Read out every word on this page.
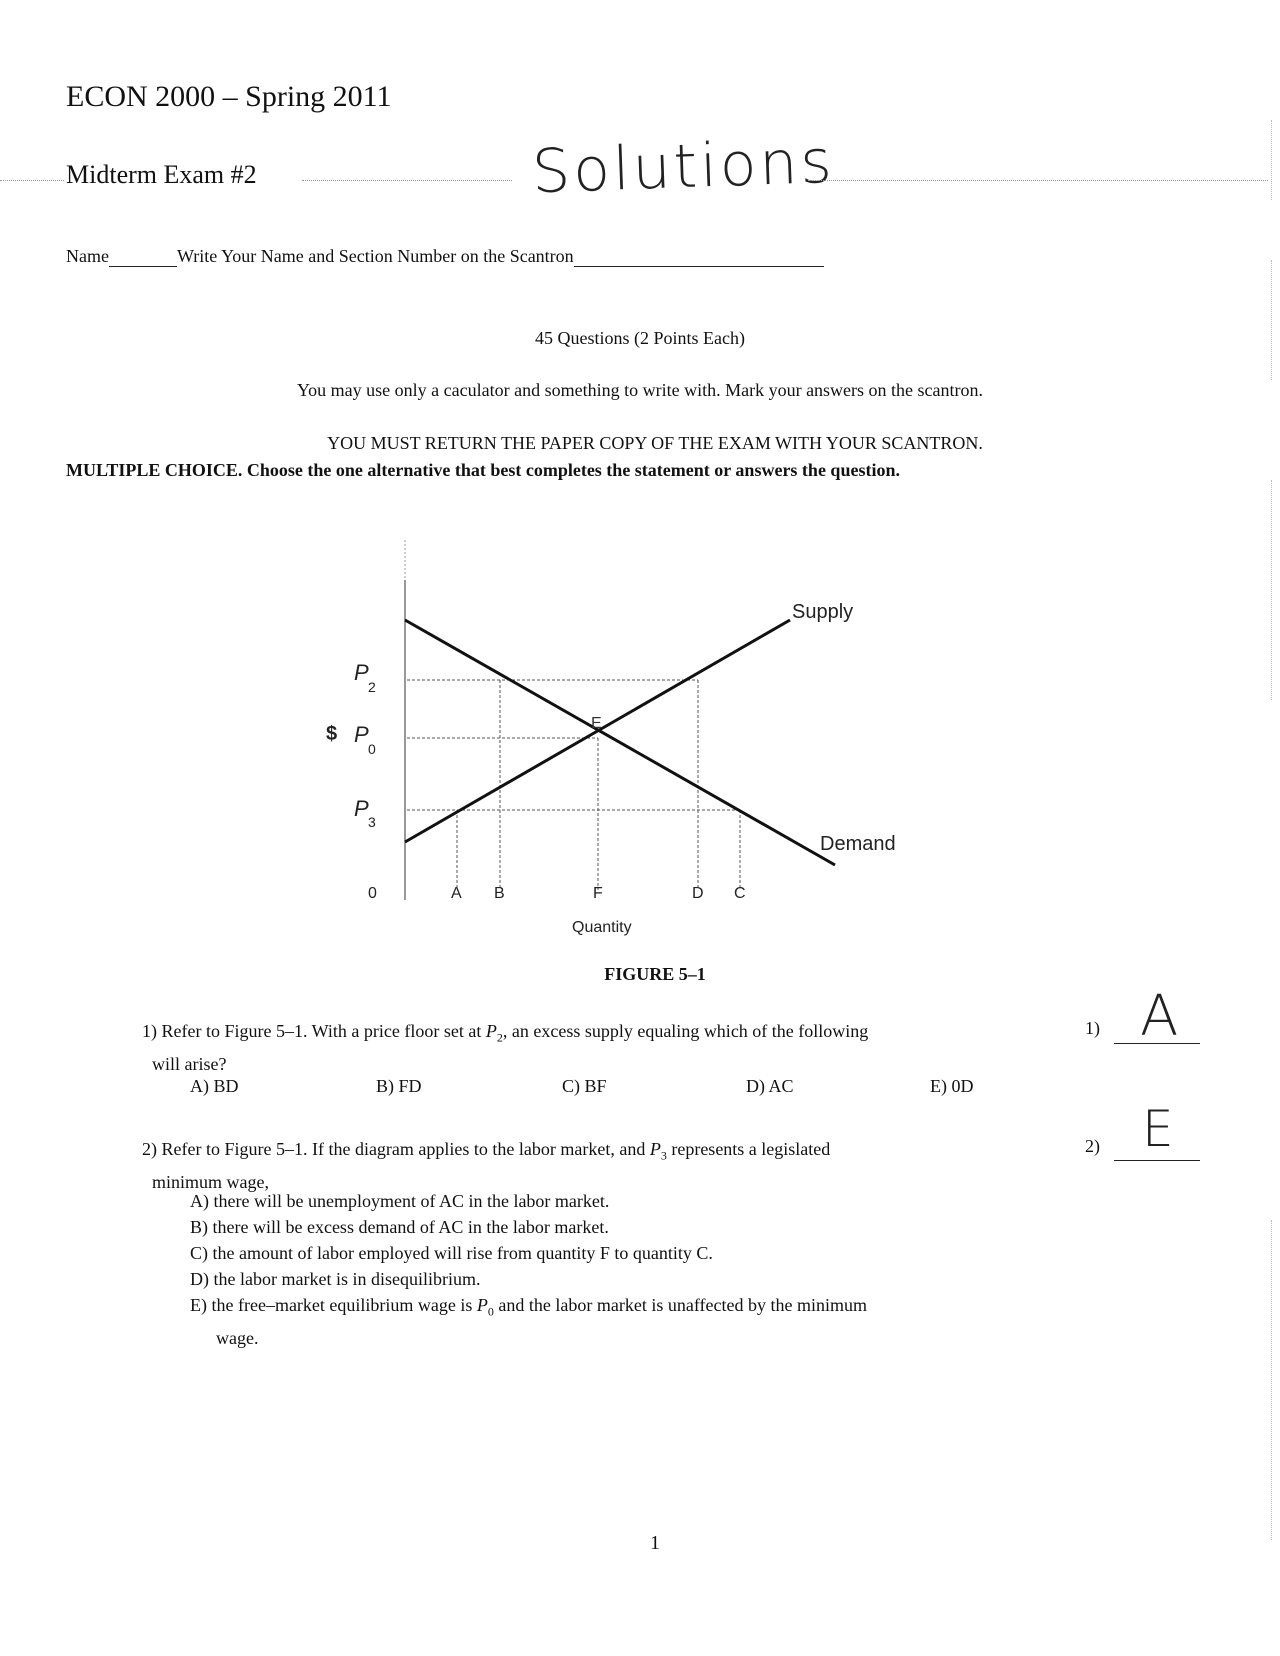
ECON 2000 – Spring 2011
Midterm Exam #2	Solutions
Name	Write Your Name and Section Number on the Scantron
45 Questions (2 Points Each)
You may use only a caculator and something to write with. Mark your answers on the scantron.
YOU MUST RETURN THE PAPER COPY OF THE EXAM WITH YOUR SCANTRON.
MULTIPLE CHOICE. Choose the one alternative that best completes the statement or answers the question.
Supply
Demand
E
$
P
2
P
0
P
3
0	A B	F	D C
Quantity
FIGURE 5–1
1) Refer to Figure 5–1. With a price floor set at $P_2$, an excess supply equaling which of the following
will arise?
A) BD	B) FD	C) BF	D) AC	E) 0D
1) A
2) Refer to Figure 5–1. If the diagram applies to the labor market, and $P_3$ represents a legislated
minimum wage,
A) there will be unemployment of AC in the labor market.
B) there will be excess demand of AC in the labor market.
C) the amount of labor employed will rise from quantity F to quantity C.
D) the labor market is in disequilibrium.
E) the free–market equilibrium wage is $P_0$ and the labor market is unaffected by the minimum
wage.
2) E
1
